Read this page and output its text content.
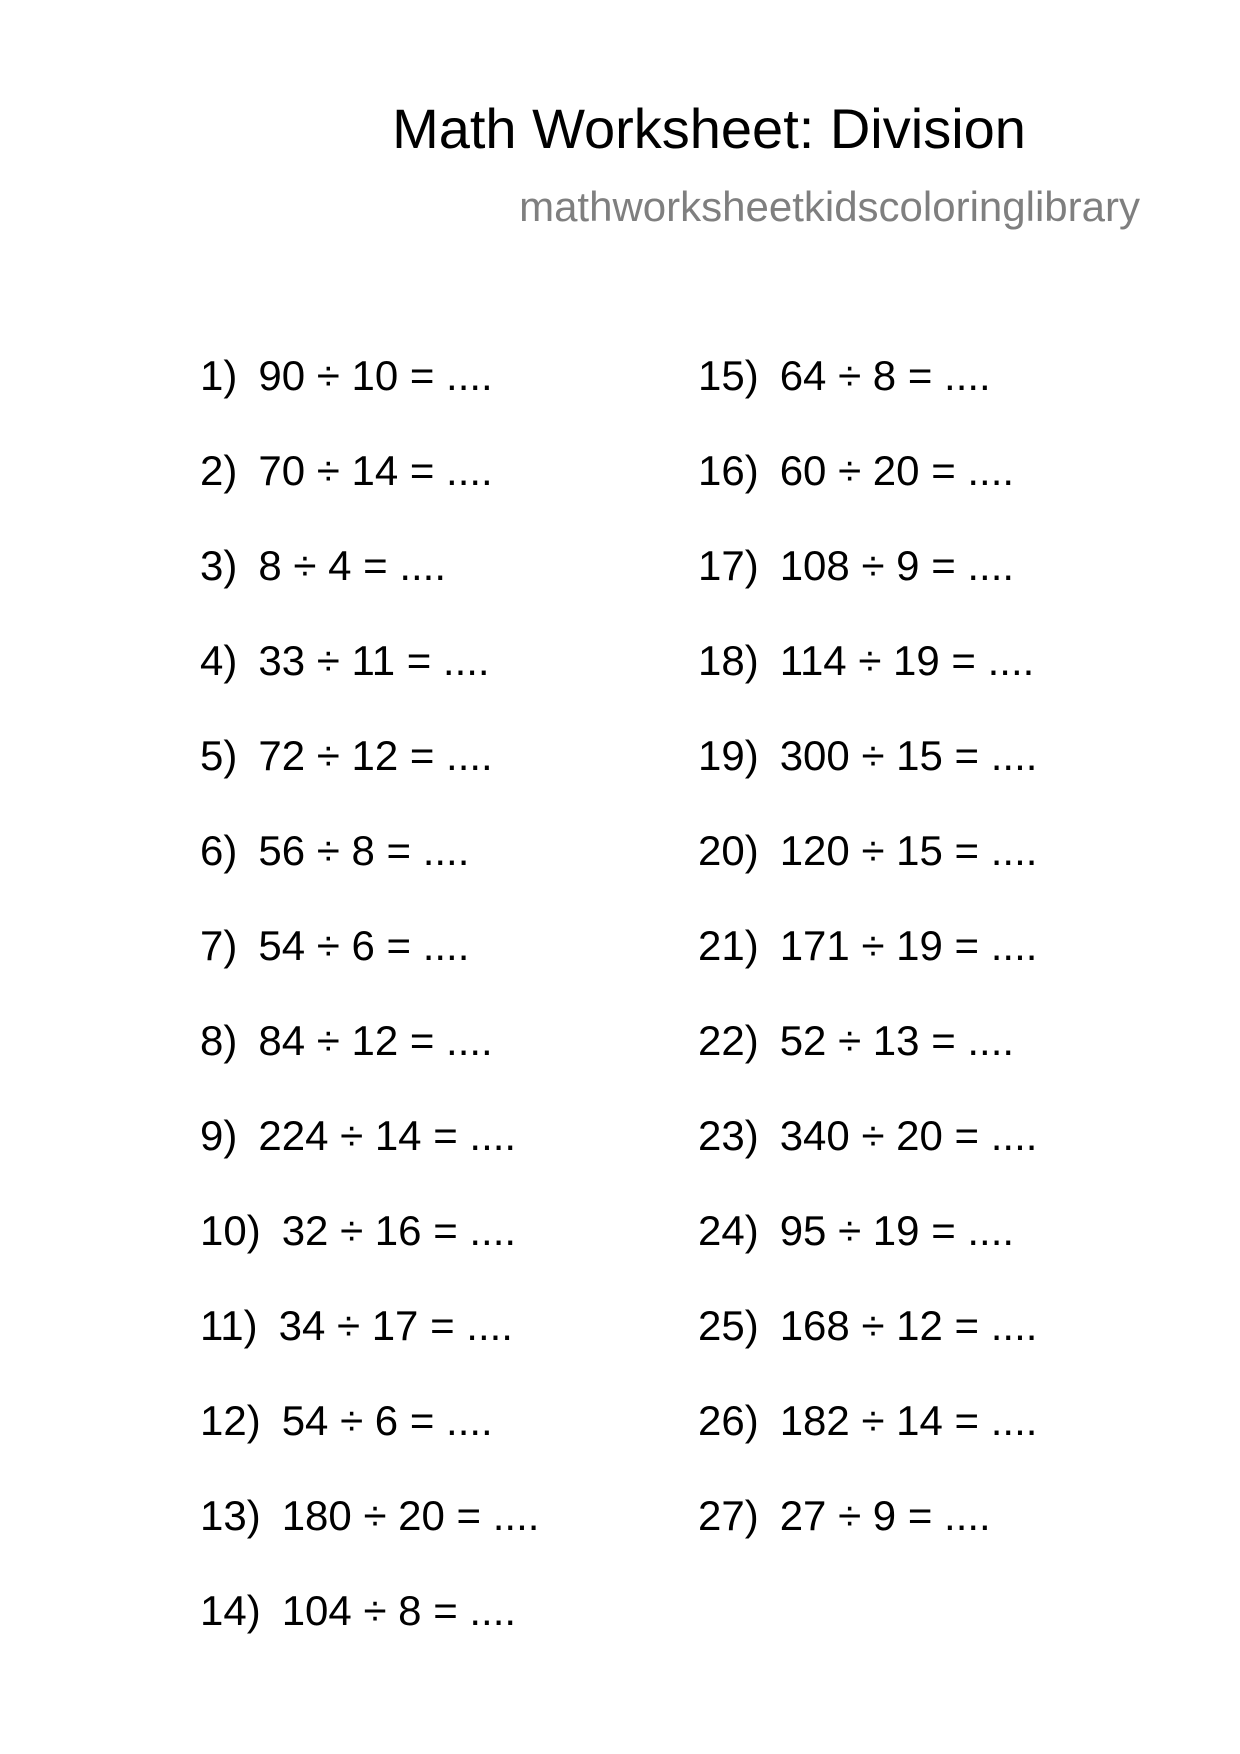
Math Worksheet: Division
mathworksheetkidscoloringlibrary
1) 90 ÷ 10 = ....
2) 70 ÷ 14 = ....
3) 8 ÷ 4 = ....
4) 33 ÷ 11 = ....
5) 72 ÷ 12 = ....
6) 56 ÷ 8 = ....
7) 54 ÷ 6 = ....
8) 84 ÷ 12 = ....
9) 224 ÷ 14 = ....
10) 32 ÷ 16 = ....
11) 34 ÷ 17 = ....
12) 54 ÷ 6 = ....
13) 180 ÷ 20 = ....
14) 104 ÷ 8 = ....
15) 64 ÷ 8 = ....
16) 60 ÷ 20 = ....
17) 108 ÷ 9 = ....
18) 114 ÷ 19 = ....
19) 300 ÷ 15 = ....
20) 120 ÷ 15 = ....
21) 171 ÷ 19 = ....
22) 52 ÷ 13 = ....
23) 340 ÷ 20 = ....
24) 95 ÷ 19 = ....
25) 168 ÷ 12 = ....
26) 182 ÷ 14 = ....
27) 27 ÷ 9 = ....
